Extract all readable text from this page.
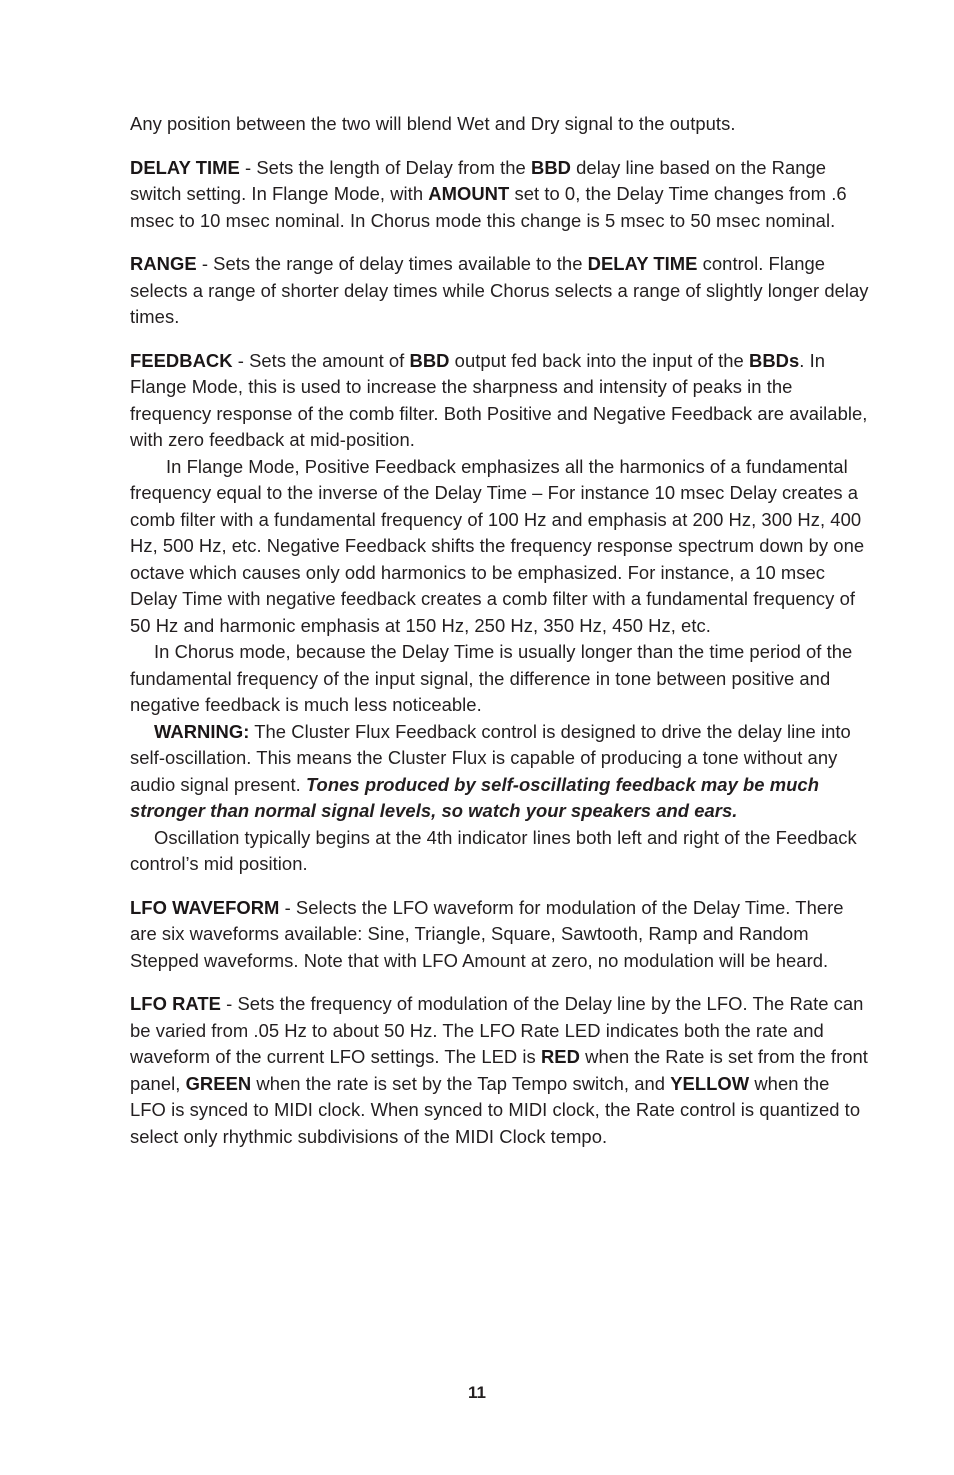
Any position between the two will blend Wet and Dry signal to the outputs.

DELAY TIME - Sets the length of Delay from the BBD delay line based on the Range switch setting. In Flange Mode, with AMOUNT set to 0, the Delay Time changes from .6 msec to 10 msec nominal. In Chorus mode this change is 5 msec to 50 msec nominal.

RANGE - Sets the range of delay times available to the DELAY TIME control. Flange selects a range of shorter delay times while Chorus selects a range of slightly longer delay times.

FEEDBACK - Sets the amount of BBD output fed back into the input of the BBDs. In Flange Mode, this is used to increase the sharpness and intensity of peaks in the frequency response of the comb filter. Both Positive and Negative Feedback are available, with zero feedback at mid-position.

In Flange Mode, Positive Feedback emphasizes all the harmonics of a fundamental frequency equal to the inverse of the Delay Time – For instance 10 msec Delay creates a comb filter with a fundamental frequency of 100 Hz and emphasis at 200 Hz, 300 Hz, 400 Hz, 500 Hz, etc. Negative Feedback shifts the frequency response spectrum down by one octave which causes only odd harmonics to be emphasized. For instance, a 10 msec Delay Time with negative feedback creates a comb filter with a fundamental frequency of 50 Hz and harmonic emphasis at 150 Hz, 250 Hz, 350 Hz, 450 Hz, etc.

In Chorus mode, because the Delay Time is usually longer than the time period of the fundamental frequency of the input signal, the difference in tone between positive and negative feedback is much less noticeable.

WARNING: The Cluster Flux Feedback control is designed to drive the delay line into self-oscillation. This means the Cluster Flux is capable of producing a tone without any audio signal present. Tones produced by self-oscillating feedback may be much stronger than normal signal levels, so watch your speakers and ears.

Oscillation typically begins at the 4th indicator lines both left and right of the Feedback control’s mid position.

LFO WAVEFORM - Selects the LFO waveform for modulation of the Delay Time. There are six waveforms available: Sine, Triangle, Square, Sawtooth, Ramp and Random Stepped waveforms. Note that with LFO Amount at zero, no modulation will be heard.

LFO RATE - Sets the frequency of modulation of the Delay line by the LFO. The Rate can be varied from .05 Hz to about 50 Hz. The LFO Rate LED indicates both the rate and waveform of the current LFO settings. The LED is RED when the Rate is set from the front panel, GREEN when the rate is set by the Tap Tempo switch, and YELLOW when the LFO is synced to MIDI clock. When synced to MIDI clock, the Rate control is quantized to select only rhythmic subdivisions of the MIDI Clock tempo.

11
